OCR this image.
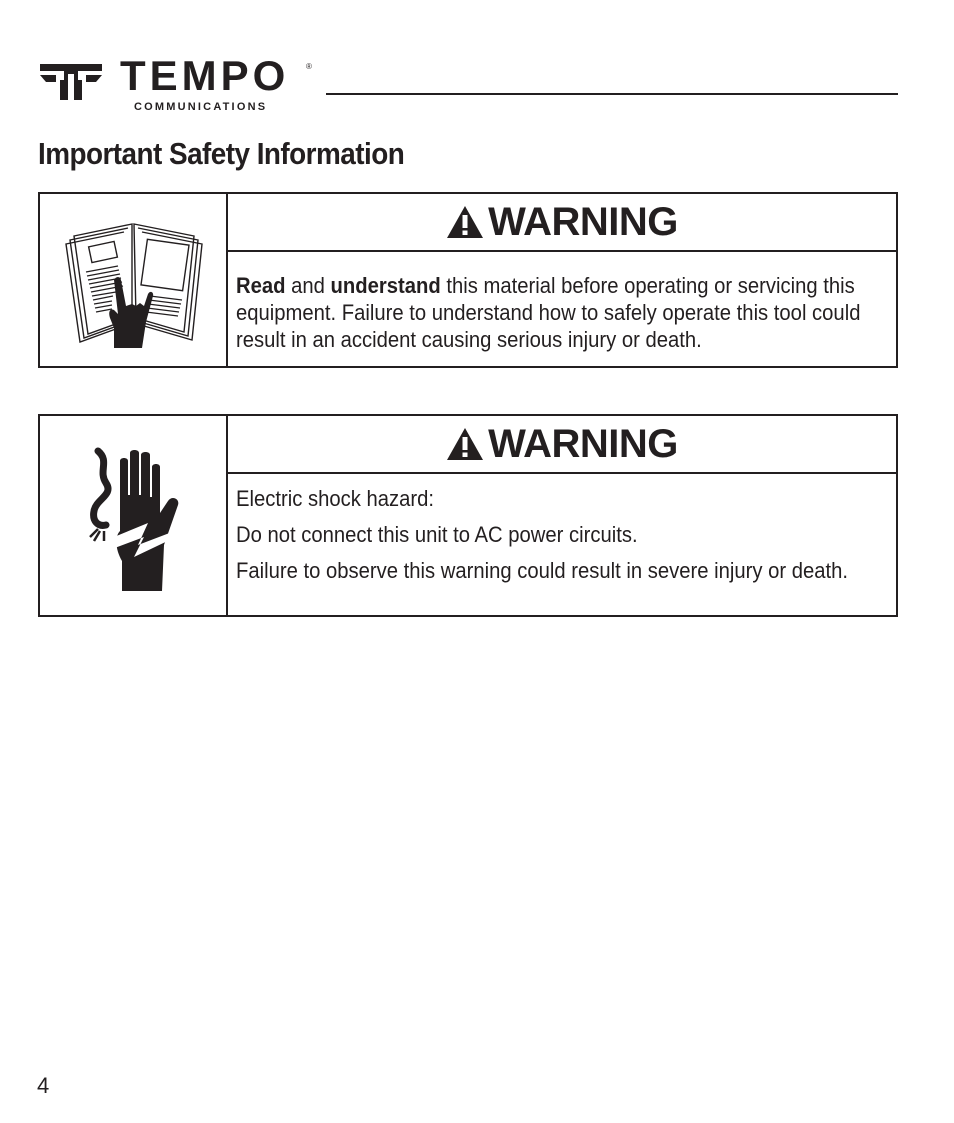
TEMPO ®
COMMUNICATIONS
Important Safety Information
WARNING

Read and understand this material before operating or servicing this equipment. Failure to understand how to safely operate this tool could result in an accident causing serious injury or death.

WARNING

Electric shock hazard:

Do not connect this unit to AC power circuits.

Failure to observe this warning could result in severe injury or death.

4
